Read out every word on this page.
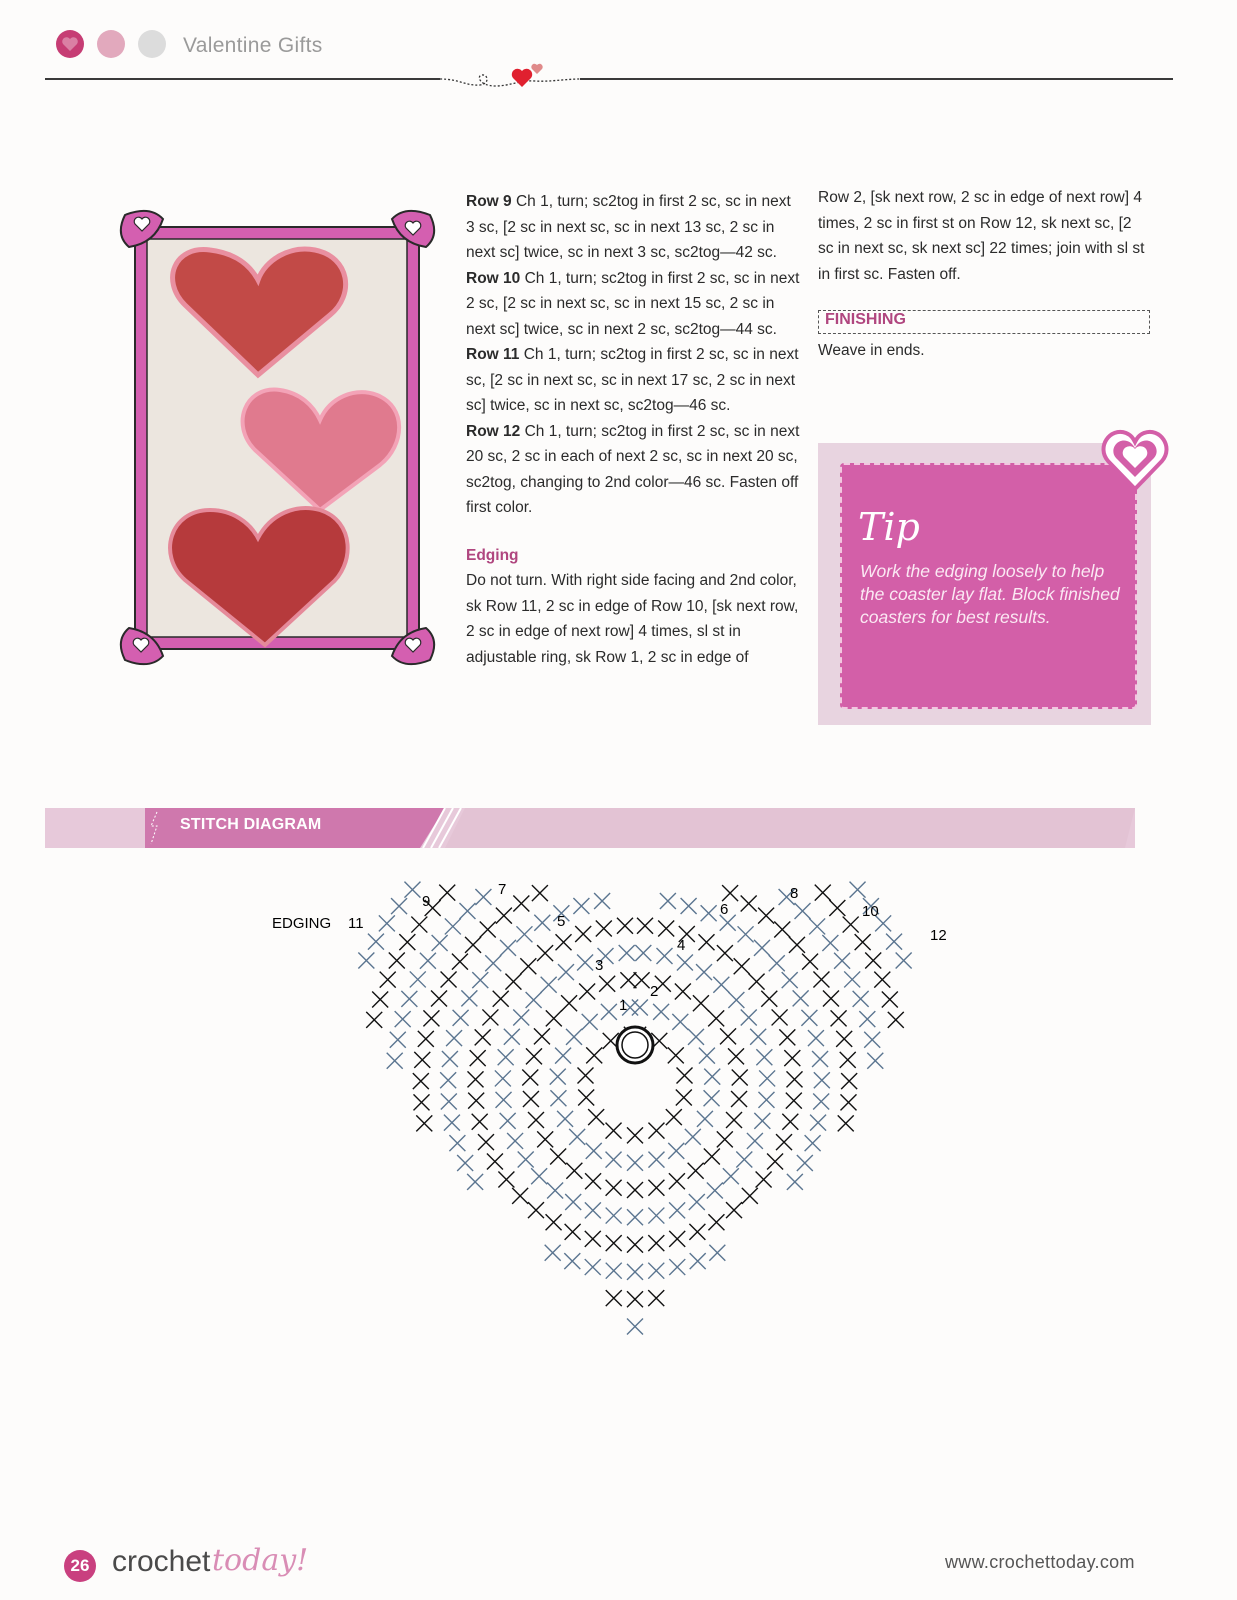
Valentine Gifts

Row 9 Ch 1, turn; sc2tog in first 2 sc, sc in next 3 sc, [2 sc in next sc, sc in next 13 sc, 2 sc in next sc] twice, sc in next 3 sc, sc2tog—42 sc.

Row 10 Ch 1, turn; sc2tog in first 2 sc, sc in next 2 sc, [2 sc in next sc, sc in next 15 sc, 2 sc in next sc] twice, sc in next 2 sc, sc2tog—44 sc.

Row 11 Ch 1, turn; sc2tog in first 2 sc, sc in next sc, [2 sc in next sc, sc in next 17 sc, 2 sc in next sc] twice, sc in next sc, sc2tog—46 sc.

Row 12 Ch 1, turn; sc2tog in first 2 sc, sc in next 20 sc, 2 sc in each of next 2 sc, sc in next 20 sc, sc2tog, changing to 2nd color—46 sc. Fasten off first color.

Edging

Do not turn. With right side facing and 2nd color, sk Row 11, 2 sc in edge of Row 10, [sk next row, 2 sc in edge of next row] 4 times, sl st in adjustable ring, sk Row 1, 2 sc in edge of

Row 2, [sk next row, 2 sc in edge of next row] 4 times, 2 sc in first st on Row 12, sk next sc, [2 sc in next sc, sk next sc] 22 times; join with sl st in first sc. Fasten off.

FINISHING
Weave in ends.
Tip
Work the edging loosely to help the coaster lay flat. Block finished coasters for best results.
STITCH DIAGRAM
EDGING 11
9
7
5
3
1
2
4
6
8
10
12
26 crochet today!	www.crochettoday.com
